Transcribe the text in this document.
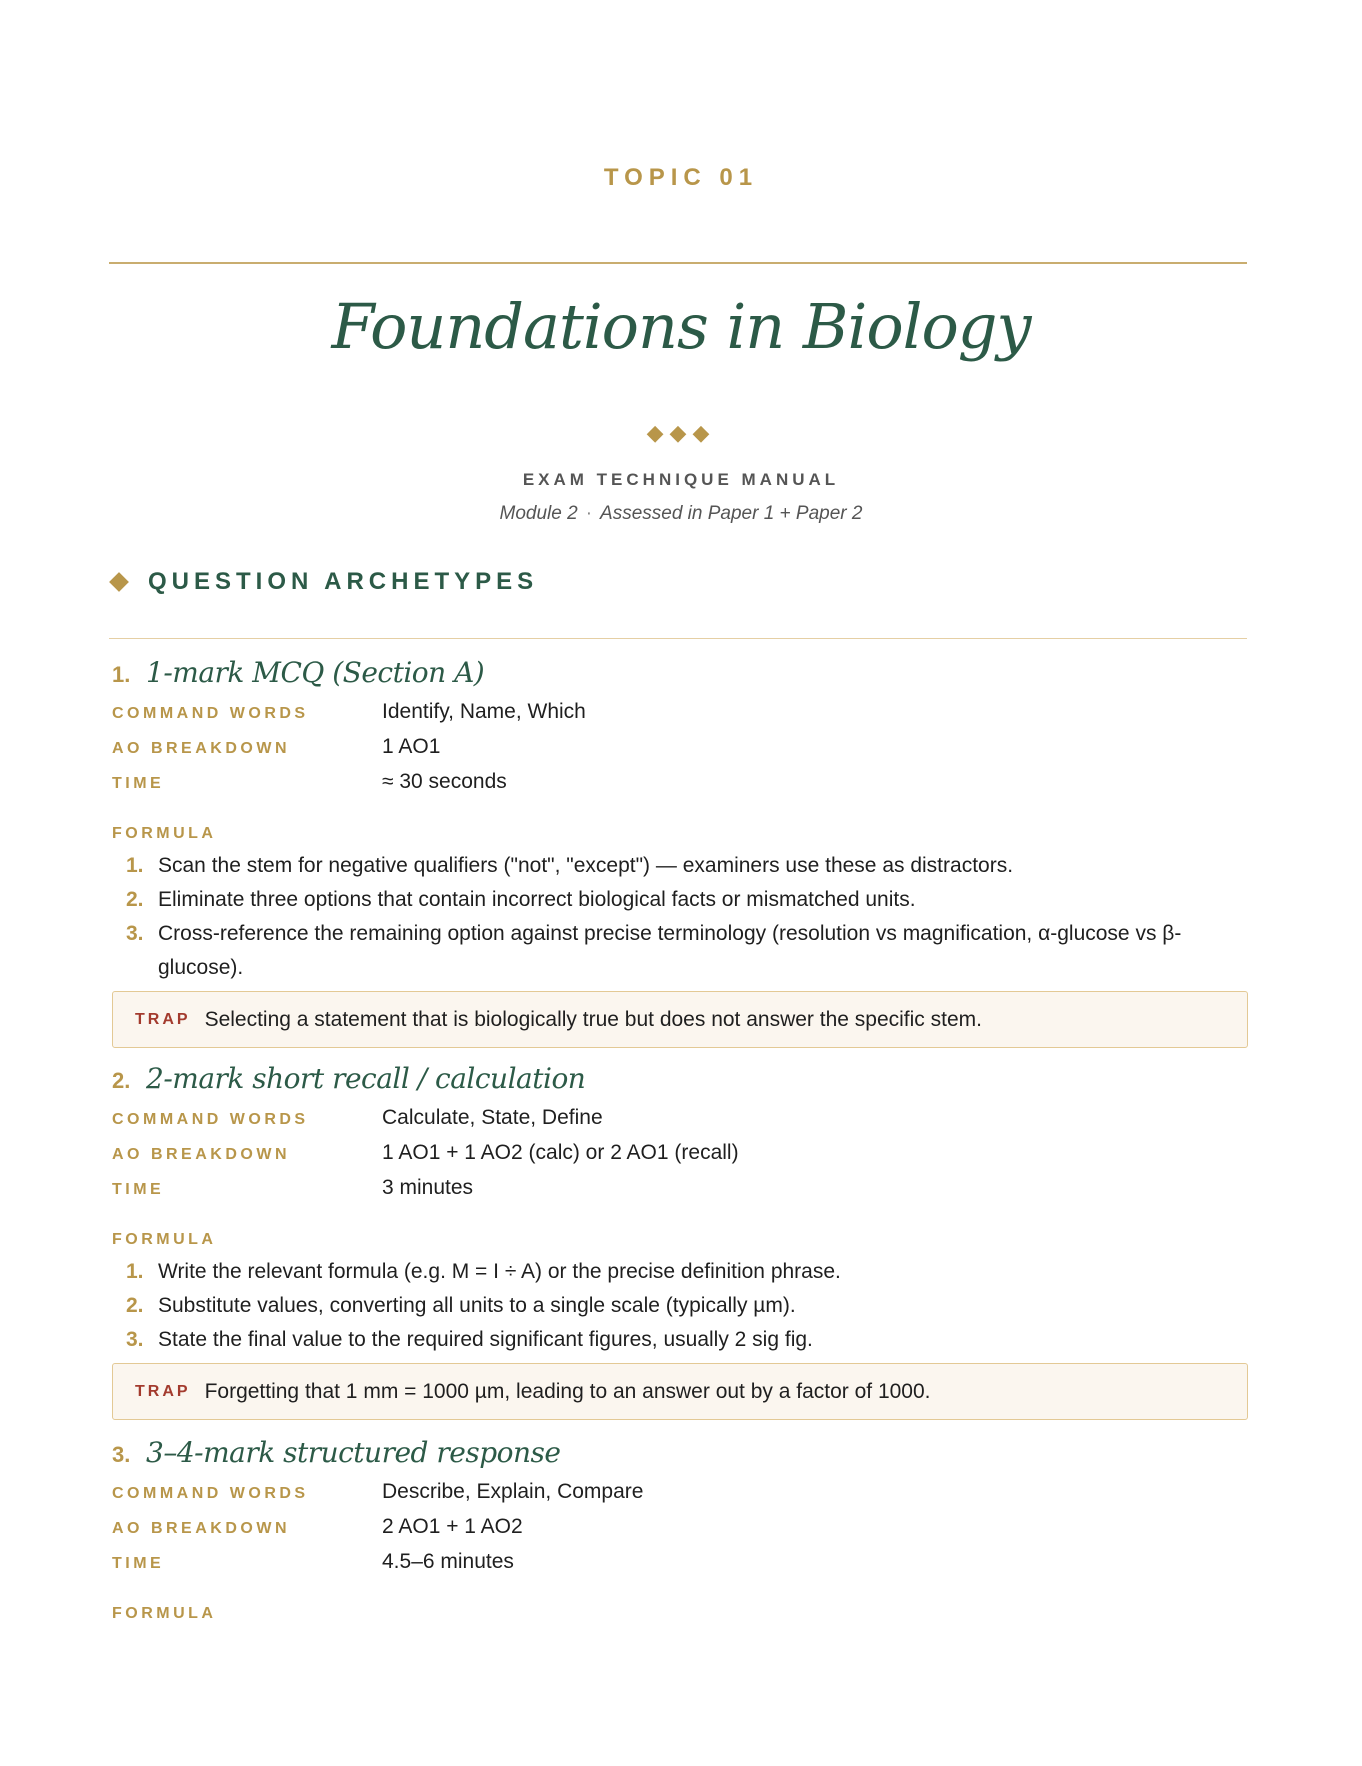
TOPIC 01
Foundations in Biology
◆◆◆
EXAM TECHNIQUE MANUAL
Module 2 · Assessed in Paper 1 + Paper 2
QUESTION ARCHETYPES
1. 1-mark MCQ (Section A)
COMMAND WORDS	Identify, Name, Which
AO BREAKDOWN	1 AO1
TIME	≈ 30 seconds
FORMULA
1. Scan the stem for negative qualifiers ("not", "except") — examiners use these as distractors.
2. Eliminate three options that contain incorrect biological facts or mismatched units.
3. Cross-reference the remaining option against precise terminology (resolution vs magnification, α-glucose vs β-glucose).
TRAP Selecting a statement that is biologically true but does not answer the specific stem.
2. 2-mark short recall / calculation
COMMAND WORDS	Calculate, State, Define
AO BREAKDOWN	1 AO1 + 1 AO2 (calc) or 2 AO1 (recall)
TIME	3 minutes
FORMULA
1. Write the relevant formula (e.g. M = I ÷ A) or the precise definition phrase.
2. Substitute values, converting all units to a single scale (typically µm).
3. State the final value to the required significant figures, usually 2 sig fig.
TRAP Forgetting that 1 mm = 1000 µm, leading to an answer out by a factor of 1000.
3. 3–4-mark structured response
COMMAND WORDS	Describe, Explain, Compare
AO BREAKDOWN	2 AO1 + 1 AO2
TIME	4.5–6 minutes
FORMULA
